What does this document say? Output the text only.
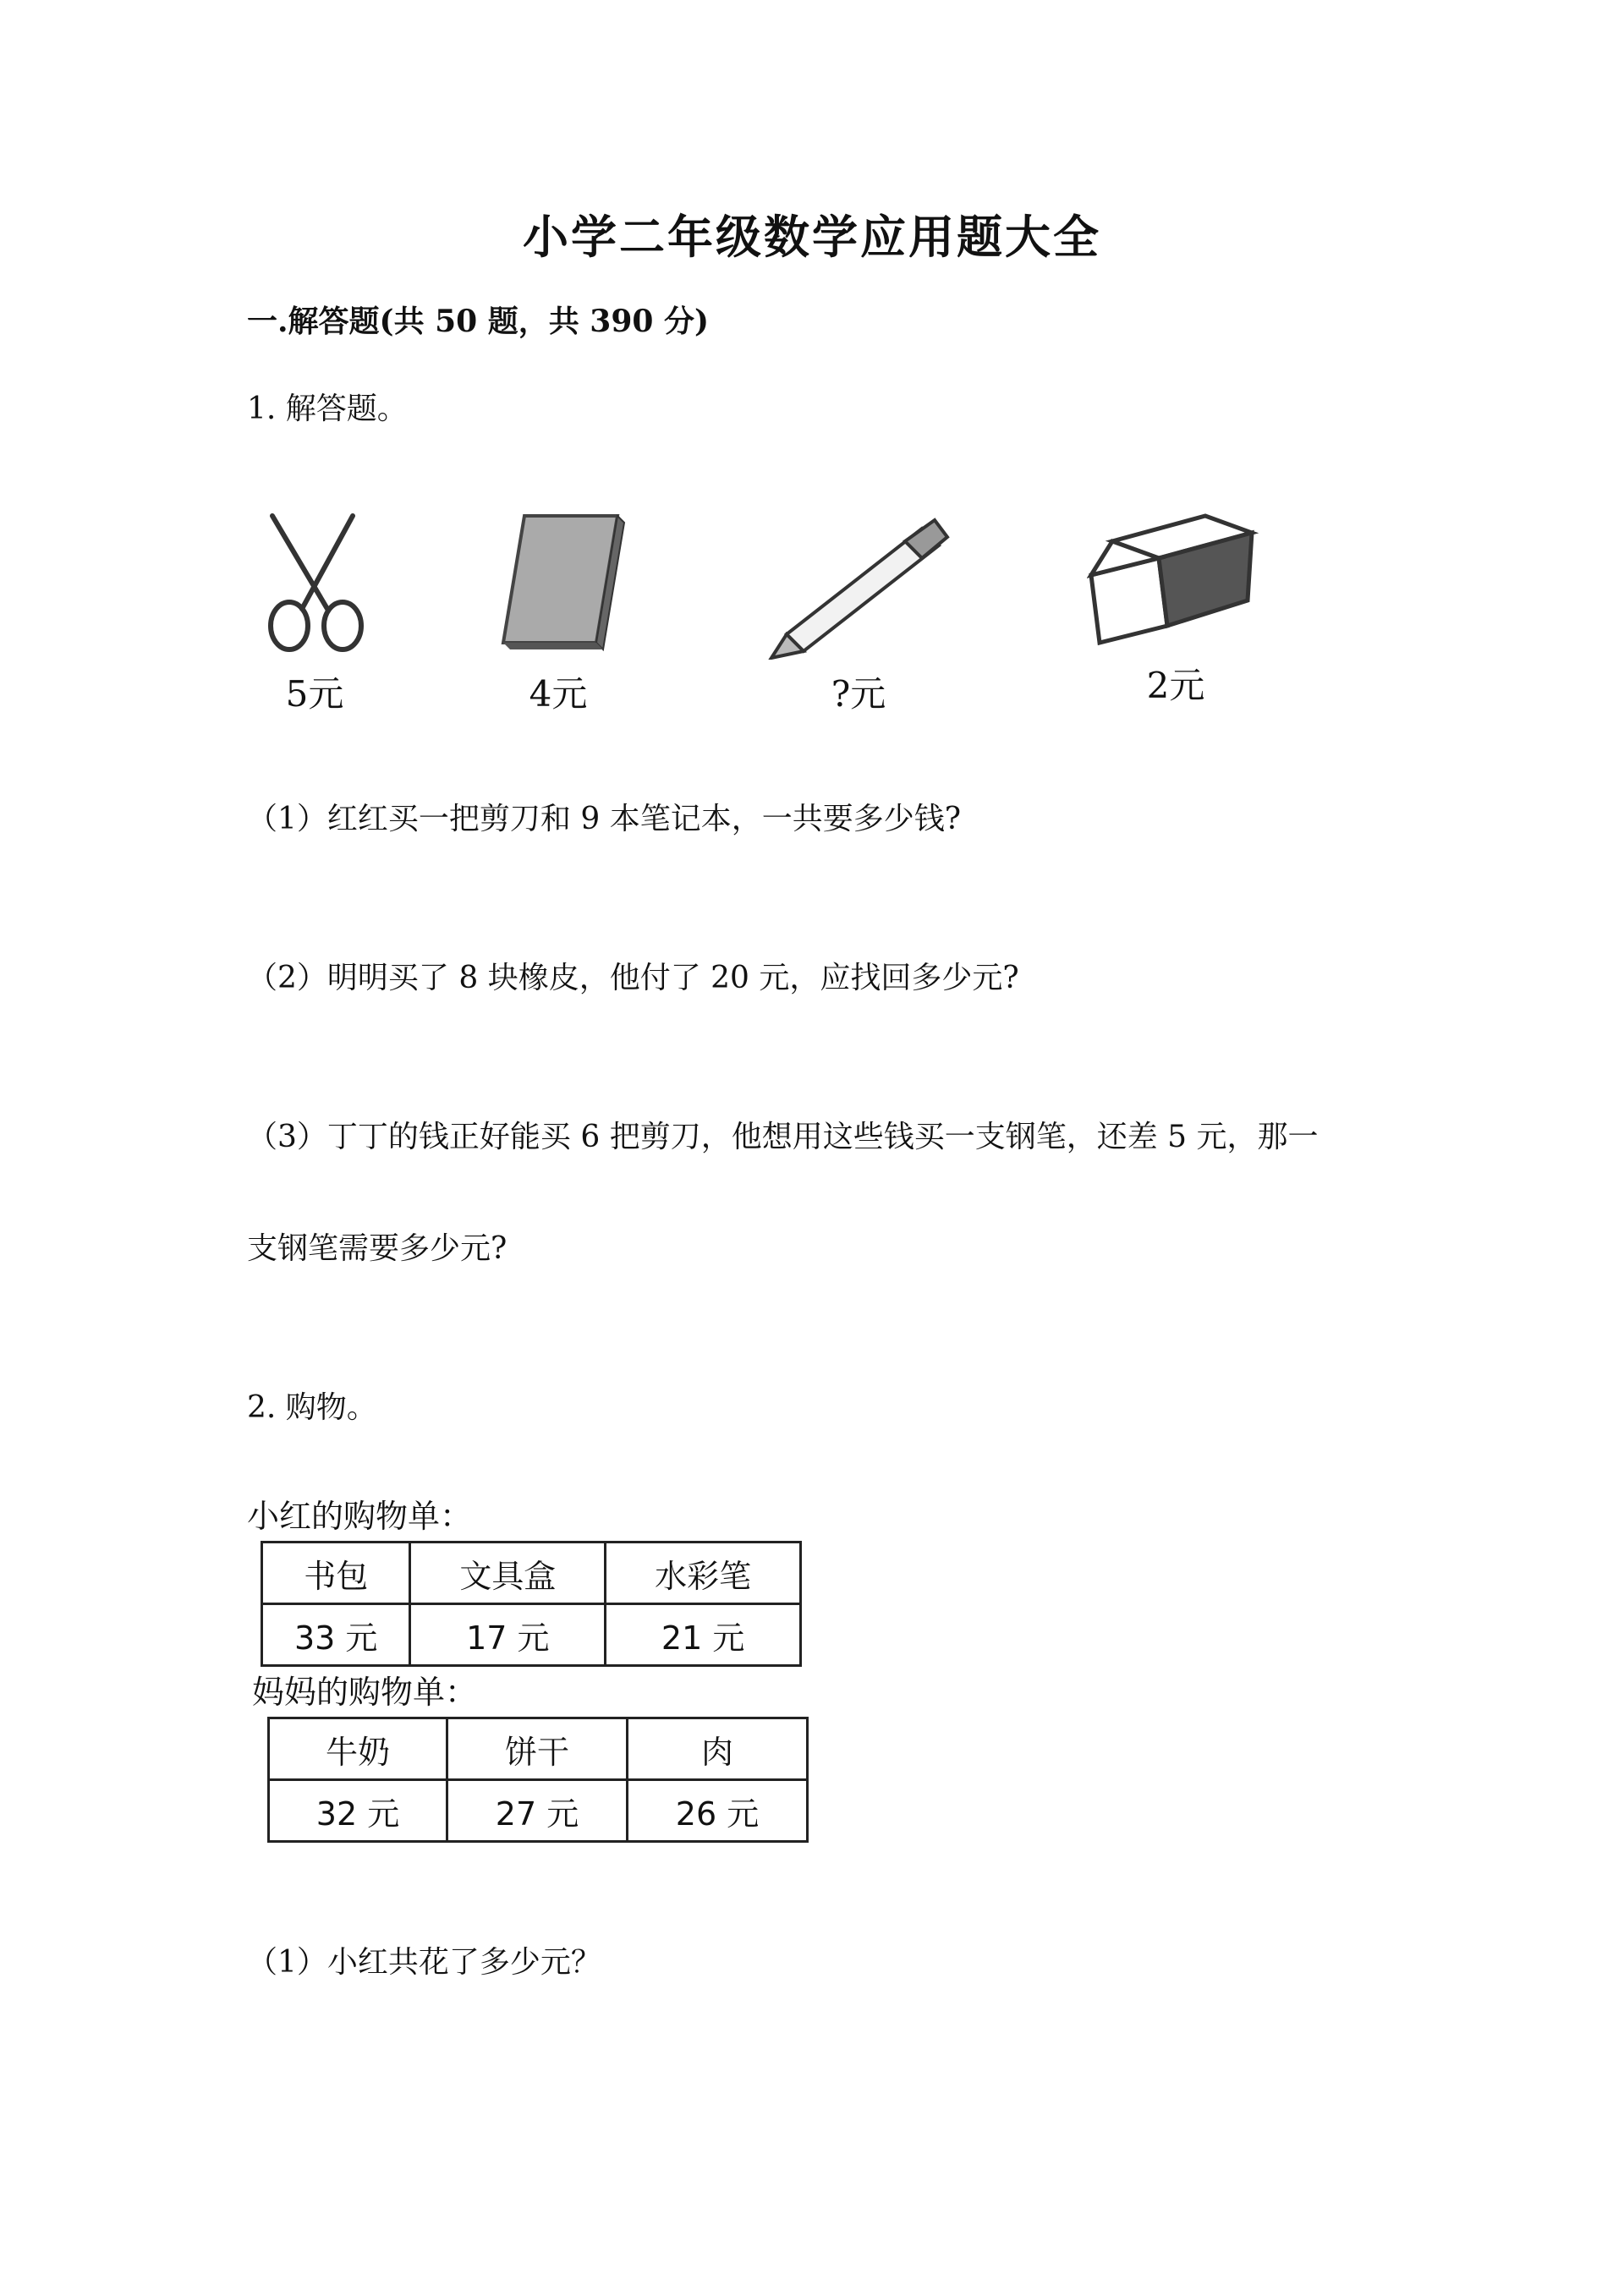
小学二年级数学应用题大全
一.解答题(共 50 题，共 390 分)
1. 解答题。
5元	4元	?元	2元
（1）红红买一把剪刀和 9 本笔记本，一共要多少钱?
（2）明明买了 8 块橡皮，他付了 20 元，应找回多少元?
（3）丁丁的钱正好能买 6 把剪刀，他想用这些钱买一支钢笔，还差 5 元，那一
支钢笔需要多少元?
2. 购物。
小红的购物单：
书包	文具盒	水彩笔
33 元	17 元	21 元
妈妈的购物单：
牛奶	饼干	肉
32 元	27 元	26 元
（1）小红共花了多少元？
